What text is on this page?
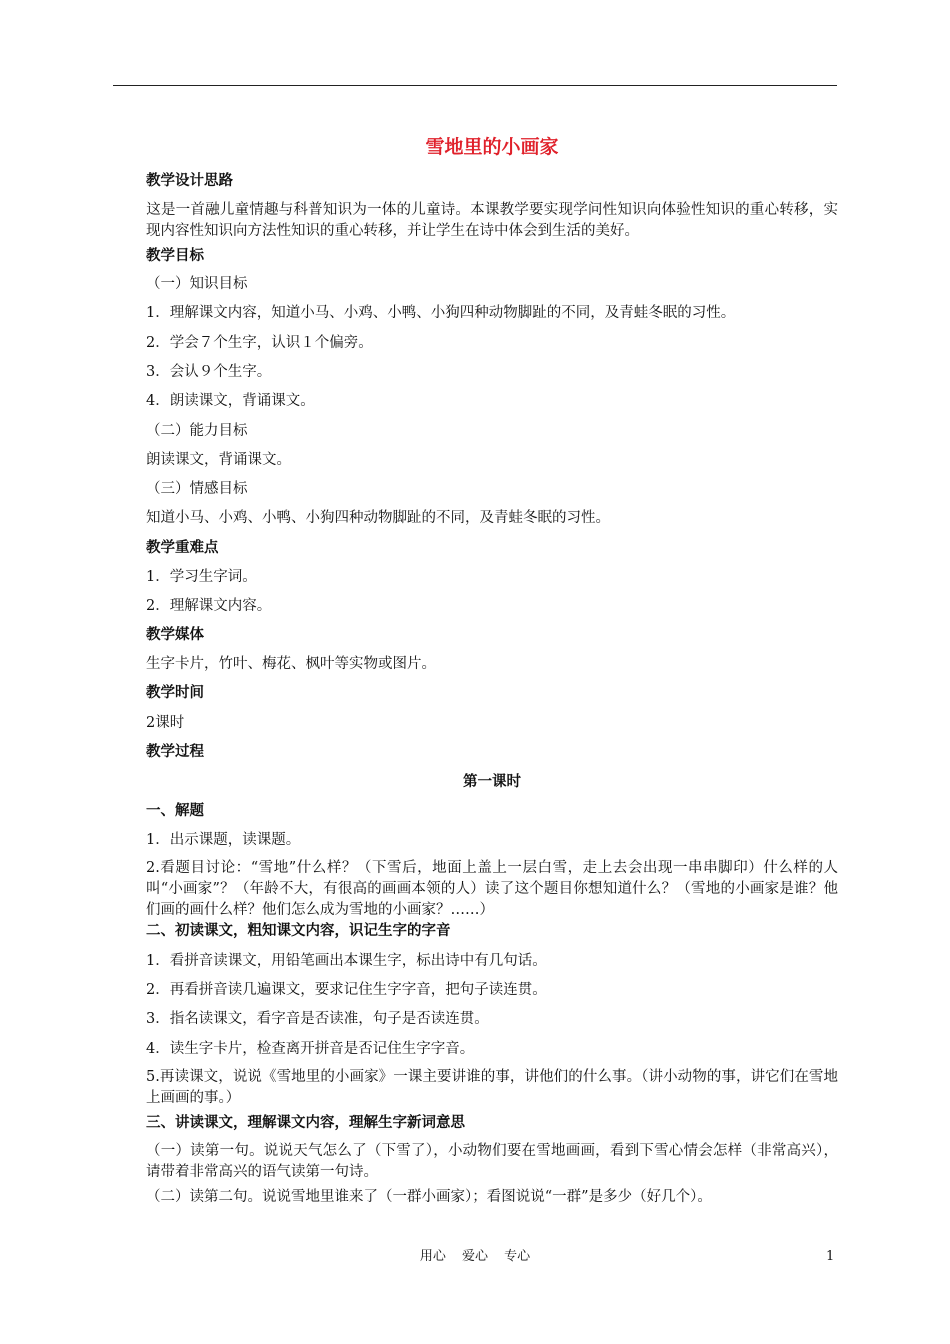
雪地里的小画家
教学设计思路
这是一首融儿童情趣与科普知识为一体的儿童诗。本课教学要实现学问性知识向体验性知识的重心转移，实现内容性知识向方法性知识的重心转移，并让学生在诗中体会到生活的美好。
教学目标
（一）知识目标
1．理解课文内容，知道小马、小鸡、小鸭、小狗四种动物脚趾的不同，及青蛙冬眠的习性。
2．学会７个生字，认识１个偏旁。
3．会认９个生字。
4．朗读课文，背诵课文。
（二）能力目标
朗读课文，背诵课文。
（三）情感目标
知道小马、小鸡、小鸭、小狗四种动物脚趾的不同，及青蛙冬眠的习性。
教学重难点
1．学习生字词。
2．理解课文内容。
教学媒体
生字卡片，竹叶、梅花、枫叶等实物或图片。
教学时间
2课时
教学过程
第一课时
一、解题
1．出示课题，读课题。
2.看题目讨论：“雪地”什么样？（下雪后，地面上盖上一层白雪，走上去会出现一串串脚印）什么样的人叫“小画家”？（年龄不大，有很高的画画本领的人）读了这个题目你想知道什么？（雪地的小画家是谁？他们画的画什么样？他们怎么成为雪地的小画家？……）
二、初读课文，粗知课文内容，识记生字的字音
1．看拼音读课文，用铅笔画出本课生字，标出诗中有几句话。
2．再看拼音读几遍课文，要求记住生字字音，把句子读连贯。
3．指名读课文，看字音是否读准，句子是否读连贯。
4．读生字卡片，检查离开拼音是否记住生字字音。
5.再读课文，说说《雪地里的小画家》一课主要讲谁的事，讲他们的什么事。（讲小动物的事，讲它们在雪地上画画的事。）
三、讲读课文，理解课文内容，理解生字新词意思
（一）读第一句。说说天气怎么了（下雪了），小动物们要在雪地画画，看到下雪心情会怎样（非常高兴），请带着非常高兴的语气读第一句诗。
（二）读第二句。说说雪地里谁来了（一群小画家）；看图说说“一群”是多少（好几个）。
用心 爱心 专心	1
